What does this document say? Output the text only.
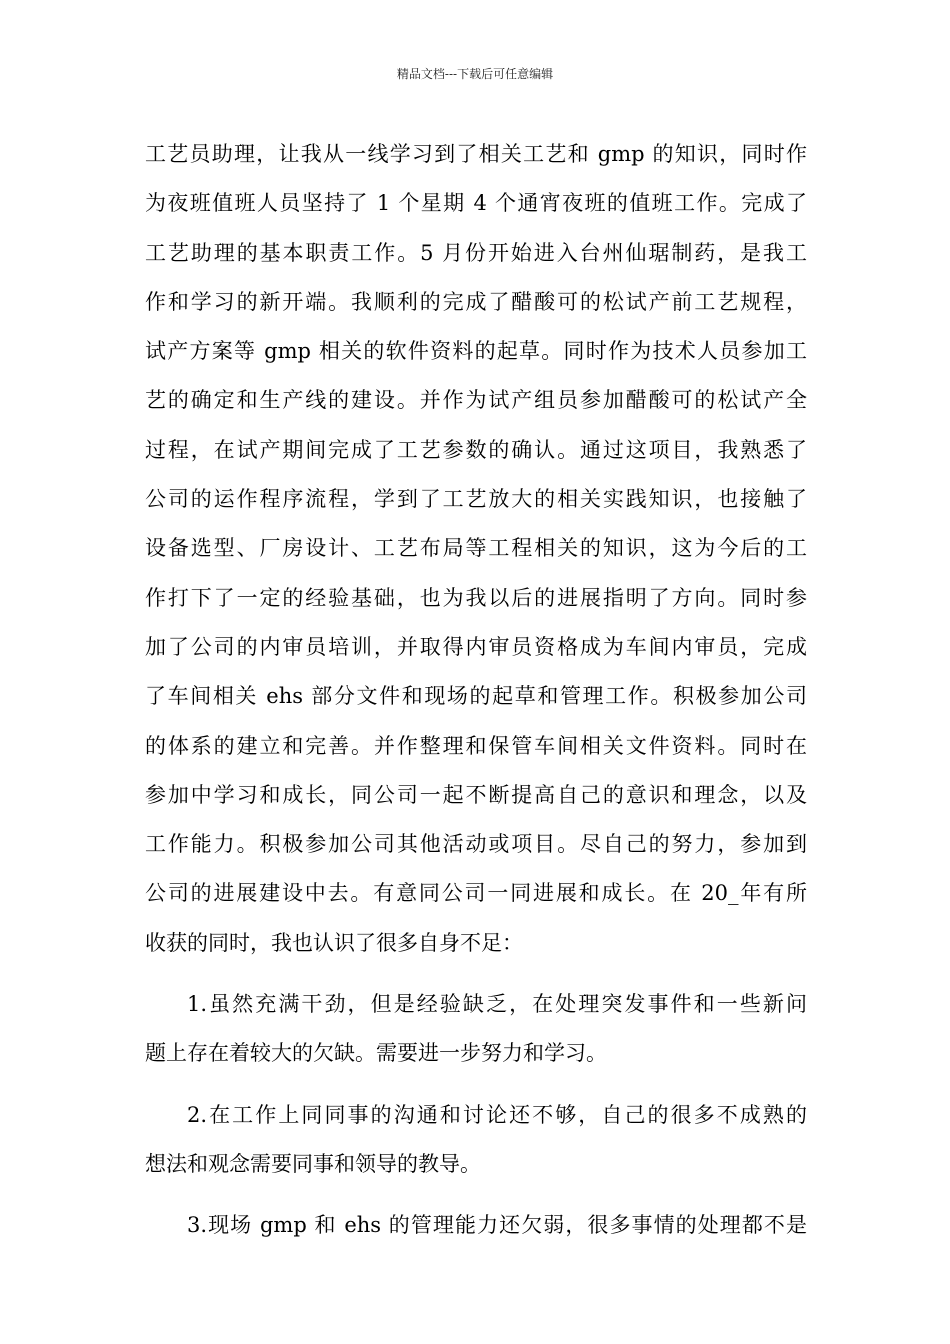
精品文档---下载后可任意编辑
工艺员助理，让我从一线学习到了相关工艺和 gmp 的知识，同时作
为夜班值班人员坚持了 1 个星期 4 个通宵夜班的值班工作。完成了
工艺助理的基本职责工作。5 月份开始进入台州仙琚制药，是我工
作和学习的新开端。我顺利的完成了醋酸可的松试产前工艺规程，
试产方案等 gmp 相关的软件资料的起草。同时作为技术人员参加工
艺的确定和生产线的建设。并作为试产组员参加醋酸可的松试产全
过程，在试产期间完成了工艺参数的确认。通过这项目，我熟悉了
公司的运作程序流程，学到了工艺放大的相关实践知识，也接触了
设备选型、厂房设计、工艺布局等工程相关的知识，这为今后的工
作打下了一定的经验基础，也为我以后的进展指明了方向。同时参
加了公司的内审员培训，并取得内审员资格成为车间内审员，完成
了车间相关 ehs 部分文件和现场的起草和管理工作。积极参加公司
的体系的建立和完善。并作整理和保管车间相关文件资料。同时在
参加中学习和成长，同公司一起不断提高自己的意识和理念，以及
工作能力。积极参加公司其他活动或项目。尽自己的努力，参加到
公司的进展建设中去。有意同公司一同进展和成长。在 20_年有所
收获的同时，我也认识了很多自身不足：
1.虽然充满干劲，但是经验缺乏，在处理突发事件和一些新问
题上存在着较大的欠缺。需要进一步努力和学习。
2.在工作上同同事的沟通和讨论还不够，自己的很多不成熟的
想法和观念需要同事和领导的教导。
3.现场 gmp 和 ehs 的管理能力还欠弱，很多事情的处理都不是
